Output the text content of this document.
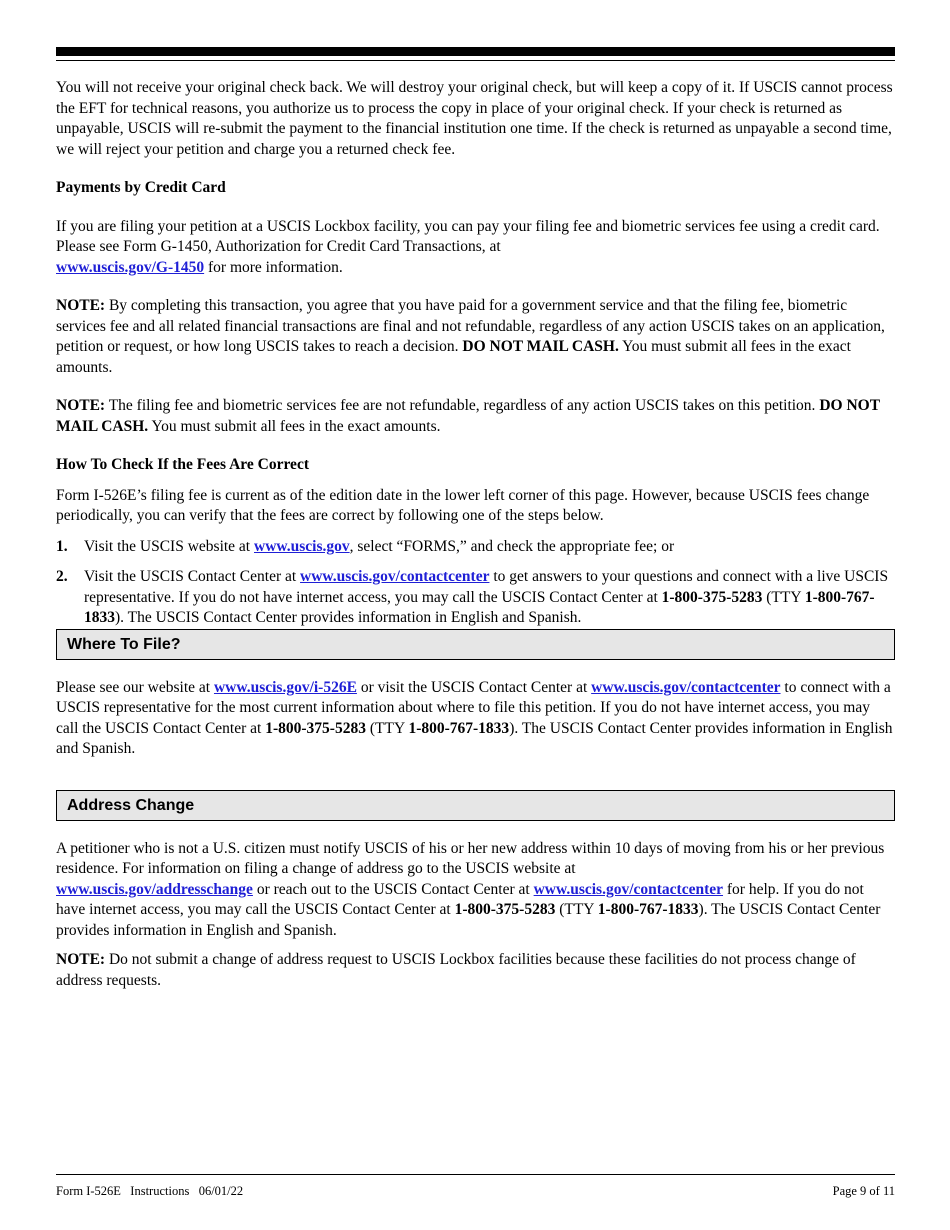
You will not receive your original check back. We will destroy your original check, but will keep a copy of it. If USCIS cannot process the EFT for technical reasons, you authorize us to process the copy in place of your original check. If your check is returned as unpayable, USCIS will re-submit the payment to the financial institution one time. If the check is returned as unpayable a second time, we will reject your petition and charge you a returned check fee.

Payments by Credit Card

If you are filing your petition at a USCIS Lockbox facility, you can pay your filing fee and biometric services fee using a credit card. Please see Form G-1450, Authorization for Credit Card Transactions, at
www.uscis.gov/G-1450 for more information.

NOTE: By completing this transaction, you agree that you have paid for a government service and that the filing fee, biometric services fee and all related financial transactions are final and not refundable, regardless of any action USCIS takes on an application, petition or request, or how long USCIS takes to reach a decision. DO NOT MAIL CASH. You must submit all fees in the exact amounts.

NOTE: The filing fee and biometric services fee are not refundable, regardless of any action USCIS takes on this petition. DO NOT MAIL CASH. You must submit all fees in the exact amounts.

How To Check If the Fees Are Correct

Form I-526E’s filing fee is current as of the edition date in the lower left corner of this page. However, because USCIS fees change periodically, you can verify that the fees are correct by following one of the steps below.

1. Visit the USCIS website at www.uscis.gov, select “FORMS,” and check the appropriate fee; or
2. Visit the USCIS Contact Center at www.uscis.gov/contactcenter to get answers to your questions and connect with a live USCIS representative. If you do not have internet access, you may call the USCIS Contact Center at 1-800-375-5283 (TTY 1-800-767-1833). The USCIS Contact Center provides information in English and Spanish.
Where To File?

Please see our website at www.uscis.gov/i-526E or visit the USCIS Contact Center at www.uscis.gov/contactcenter to connect with a USCIS representative for the most current information about where to file this petition. If you do not have internet access, you may call the USCIS Contact Center at 1-800-375-5283 (TTY 1-800-767-1833). The USCIS Contact Center provides information in English and Spanish.

Address Change

A petitioner who is not a U.S. citizen must notify USCIS of his or her new address within 10 days of moving from his or her previous residence. For information on filing a change of address go to the USCIS website at
www.uscis.gov/addresschange or reach out to the USCIS Contact Center at www.uscis.gov/contactcenter for help. If you do not have internet access, you may call the USCIS Contact Center at 1-800-375-5283 (TTY 1-800-767-1833). The USCIS Contact Center provides information in English and Spanish.

NOTE: Do not submit a change of address request to USCIS Lockbox facilities because these facilities do not process change of address requests.

Form I-526E   Instructions   06/01/22	Page 9 of 11
